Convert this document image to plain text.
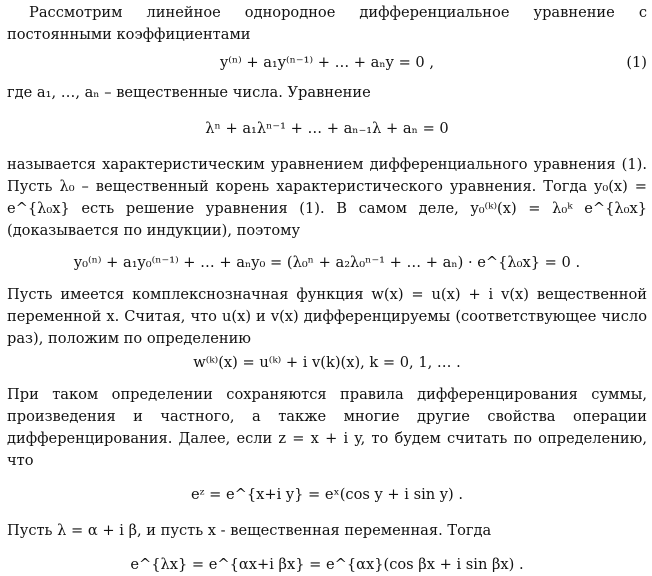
Рассмотрим линейное однородное дифференциальное уравнение с постоянными коэффициентами

y⁽ⁿ⁾ + a₁y⁽ⁿ⁻¹⁾ + … + aₙy = 0 ,	(1)

где a₁, …, aₙ – вещественные числа. Уравнение

λⁿ + a₁λⁿ⁻¹ + … + aₙ₋₁λ + aₙ = 0

называется характеристическим уравнением дифференциального уравнения (1). Пусть λ₀ – вещественный корень характеристического уравнения. Тогда y₀(x) = e^{λ₀x} есть решение уравнения (1). В самом деле, y₀⁽ᵏ⁾(x) = λ₀ᵏ e^{λ₀x} (доказывается по индукции), поэтому

y₀⁽ⁿ⁾ + a₁y₀⁽ⁿ⁻¹⁾ + … + aₙy₀ = (λ₀ⁿ + a₂λ₀ⁿ⁻¹ + … + aₙ) · e^{λ₀x} = 0 .

Пусть имеется комплекснозначная функция w(x) = u(x) + i v(x) вещественной переменной x. Считая, что u(x) и v(x) дифференцируемы (соответствующее число раз), положим по определению

w⁽ᵏ⁾(x) = u⁽ᵏ⁾ + i v(k)(x), k = 0, 1, … .

При таком определении сохраняются правила дифференцирования суммы, произведения и частного, а также многие другие свойства операции дифференцирования. Далее, если z = x + i y, то будем считать по определению, что

eᶻ = e^{x+i y} = eˣ(cos y + i sin y) .

Пусть λ = α + i β, и пусть x - вещественная переменная. Тогда

e^{λx} = e^{αx+i βx} = e^{αx}(cos βx + i sin βx) .
